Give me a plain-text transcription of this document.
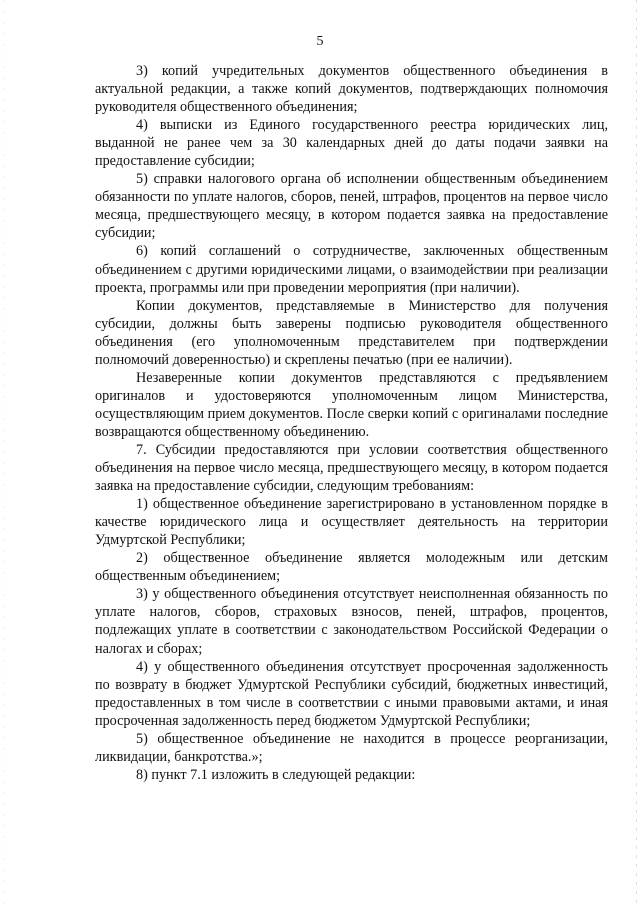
5

3) копий учредительных документов общественного объединения в актуальной редакции, а также копий документов, подтверждающих полномочия руководителя общественного объединения;

4) выписки из Единого государственного реестра юридических лиц, выданной не ранее чем за 30 календарных дней до даты подачи заявки на предоставление субсидии;

5) справки налогового органа об исполнении общественным объединением обязанности по уплате налогов, сборов, пеней, штрафов, процентов на первое число месяца, предшествующего месяцу, в котором подается заявка на предоставление субсидии;

6) копий соглашений о сотрудничестве, заключенных общественным объединением с другими юридическими лицами, о взаимодействии при реализации проекта, программы или при проведении мероприятия (при наличии).

Копии документов, представляемые в Министерство для получения субсидии, должны быть заверены подписью руководителя общественного объединения (его уполномоченным представителем при подтверждении полномочий доверенностью) и скреплены печатью (при ее наличии).

Незаверенные копии документов представляются с предъявлением оригиналов и удостоверяются уполномоченным лицом Министерства, осуществляющим прием документов. После сверки копий с оригиналами последние возвращаются общественному объединению.

7. Субсидии предоставляются при условии соответствия общественного объединения на первое число месяца, предшествующего месяцу, в котором подается заявка на предоставление субсидии, следующим требованиям:

1) общественное объединение зарегистрировано в установленном порядке в качестве юридического лица и осуществляет деятельность на территории Удмуртской Республики;

2) общественное объединение является молодежным или детским общественным объединением;

3) у общественного объединения отсутствует неисполненная обязанность по уплате налогов, сборов, страховых взносов, пеней, штрафов, процентов, подлежащих уплате в соответствии с законодательством Российской Федерации о налогах и сборах;

4) у общественного объединения отсутствует просроченная задолженность по возврату в бюджет Удмуртской Республики субсидий, бюджетных инвестиций, предоставленных в том числе в соответствии с иными правовыми актами, и иная просроченная задолженность перед бюджетом Удмуртской Республики;

5) общественное объединение не находится в процессе реорганизации, ликвидации, банкротства.»;

8) пункт 7.1 изложить в следующей редакции:
